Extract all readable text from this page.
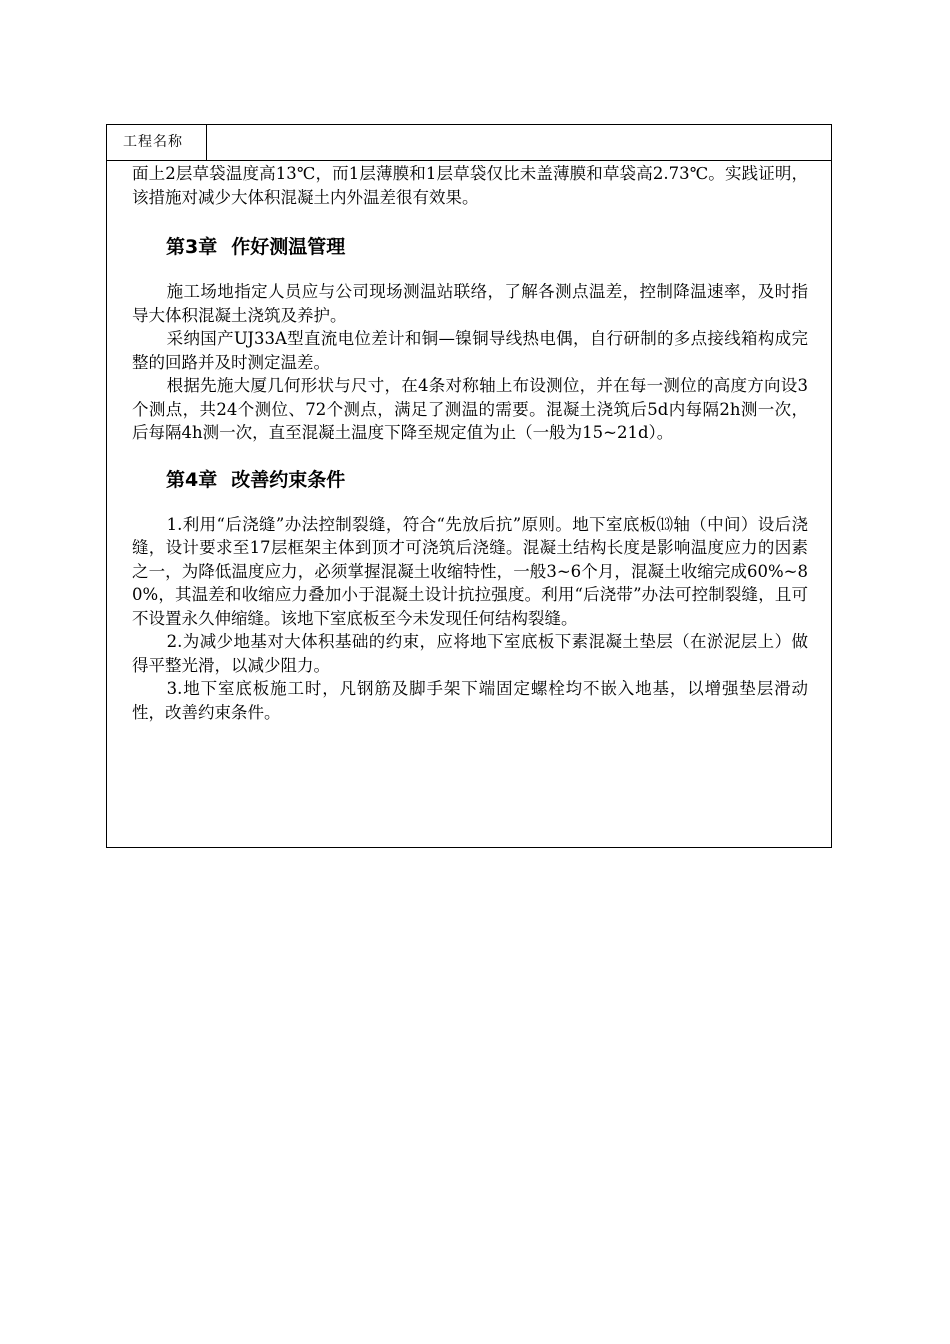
工程名称

面上2层草袋温度高13℃，而1层薄膜和1层草袋仅比未盖薄膜和草袋高2.73℃。实践证明，该措施对减少大体积混凝土内外温差很有效果。

第3章 作好测温管理

施工场地指定人员应与公司现场测温站联络，了解各测点温差，控制降温速率，及时指导大体积混凝土浇筑及养护。

采纳国产UJ33A型直流电位差计和铜—镍铜导线热电偶，自行研制的多点接线箱构成完整的回路并及时测定温差。

根据先施大厦几何形状与尺寸，在4条对称轴上布设测位，并在每一测位的高度方向设3个测点，共24个测位、72个测点，满足了测温的需要。混凝土浇筑后5d内每隔2h测一次，后每隔4h测一次，直至混凝土温度下降至规定值为止（一般为15~21d）。

第4章 改善约束条件

1.利用“后浇缝”办法控制裂缝，符合“先放后抗”原则。地下室底板⒀轴（中间）设后浇缝，设计要求至17层框架主体到顶才可浇筑后浇缝。混凝土结构长度是影响温度应力的因素之一，为降低温度应力，必须掌握混凝土收缩特性，一般3~6个月，混凝土收缩完成60%~80%，其温差和收缩应力叠加小于混凝土设计抗拉强度。利用“后浇带”办法可控制裂缝，且可不设置永久伸缩缝。该地下室底板至今未发现任何结构裂缝。

2.为减少地基对大体积基础的约束，应将地下室底板下素混凝土垫层（在淤泥层上）做得平整光滑，以减少阻力。

3.地下室底板施工时，凡钢筋及脚手架下端固定螺栓均不嵌入地基，以增强垫层滑动性，改善约束条件。
